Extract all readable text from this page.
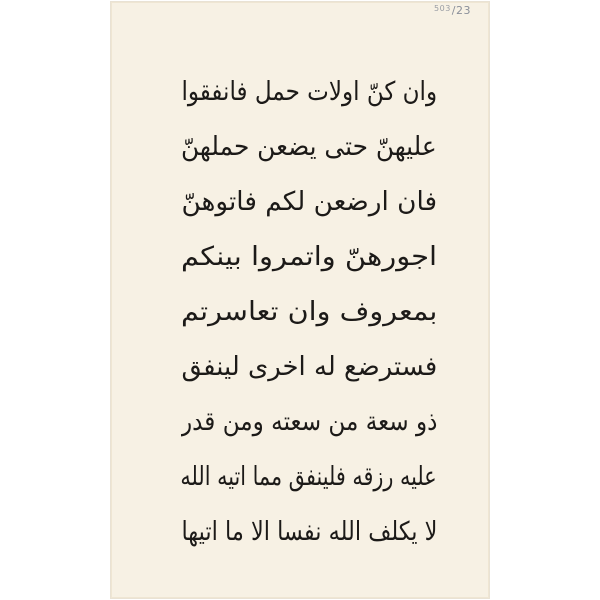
$^{503}$/23
وان كنّ اولات حمل فانفقوا
عليهنّ حتى يضعن حملهنّ
فان ارضعن لكم فاتوهنّ
اجورهنّ واتمروا بينكم
بمعروف وان تعاسرتم
فسترضع له اخرى لينفق
ذو سعة من سعته ومن قدر
عليه رزقه فلينفق مما اتيه الله
لا يكلف الله نفسا الا ما اتيها
